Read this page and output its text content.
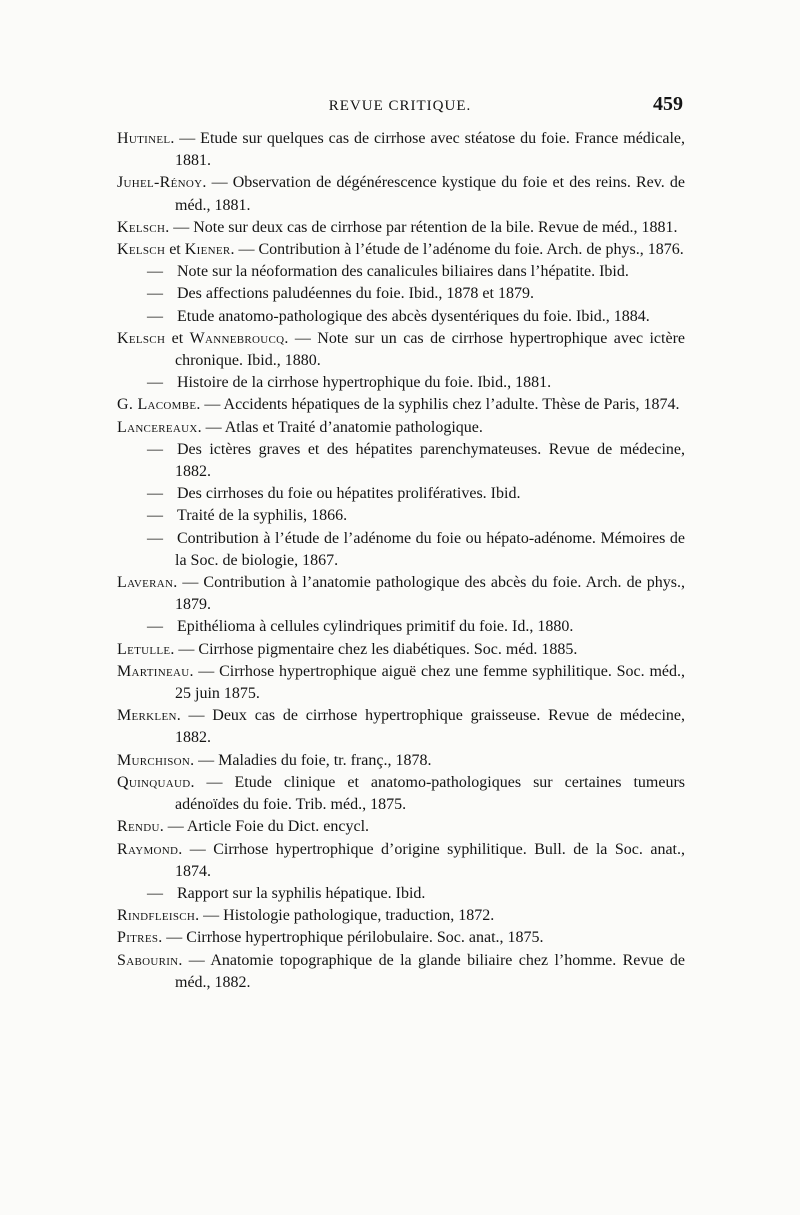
REVUE CRITIQUE.	459

Hutinel. — Etude sur quelques cas de cirrhose avec stéatose du foie. France médicale, 1881.

Juhel-Rénoy. — Observation de dégénérescence kystique du foie et des reins. Rev. de méd., 1881.

Kelsch. — Note sur deux cas de cirrhose par rétention de la bile. Revue de méd., 1881.

Kelsch et Kiener. — Contribution à l’étude de l’adénome du foie. Arch. de phys., 1876.

— Note sur la néoformation des canalicules biliaires dans l’hépatite. Ibid.

— Des affections paludéennes du foie. Ibid., 1878 et 1879.

— Etude anatomo-pathologique des abcès dysentériques du foie. Ibid., 1884.

Kelsch et Wannebroucq. — Note sur un cas de cirrhose hypertrophique avec ictère chronique. Ibid., 1880.

— Histoire de la cirrhose hypertrophique du foie. Ibid., 1881.

G. Lacombe. — Accidents hépatiques de la syphilis chez l’adulte. Thèse de Paris, 1874.

Lancereaux. — Atlas et Traité d’anatomie pathologique.

— Des ictères graves et des hépatites parenchymateuses. Revue de médecine, 1882.

— Des cirrhoses du foie ou hépatites prolifératives. Ibid.

— Traité de la syphilis, 1866.

— Contribution à l’étude de l’adénome du foie ou hépato-adénome. Mémoires de la Soc. de biologie, 1867.

Laveran. — Contribution à l’anatomie pathologique des abcès du foie. Arch. de phys., 1879.

— Epithélioma à cellules cylindriques primitif du foie. Id., 1880.

Letulle. — Cirrhose pigmentaire chez les diabétiques. Soc. méd. 1885.

Martineau. — Cirrhose hypertrophique aiguë chez une femme syphilitique. Soc. méd., 25 juin 1875.

Merklen. — Deux cas de cirrhose hypertrophique graisseuse. Revue de médecine, 1882.

Murchison. — Maladies du foie, tr. franç., 1878.

Quinquaud. — Etude clinique et anatomo-pathologiques sur certaines tumeurs adénoïdes du foie. Trib. méd., 1875.

Rendu. — Article Foie du Dict. encycl.

Raymond. — Cirrhose hypertrophique d’origine syphilitique. Bull. de la Soc. anat., 1874.

— Rapport sur la syphilis hépatique. Ibid.

Rindfleisch. — Histologie pathologique, traduction, 1872.

Pitres. — Cirrhose hypertrophique périlobulaire. Soc. anat., 1875.

Sabourin. — Anatomie topographique de la glande biliaire chez l’homme. Revue de méd., 1882.
